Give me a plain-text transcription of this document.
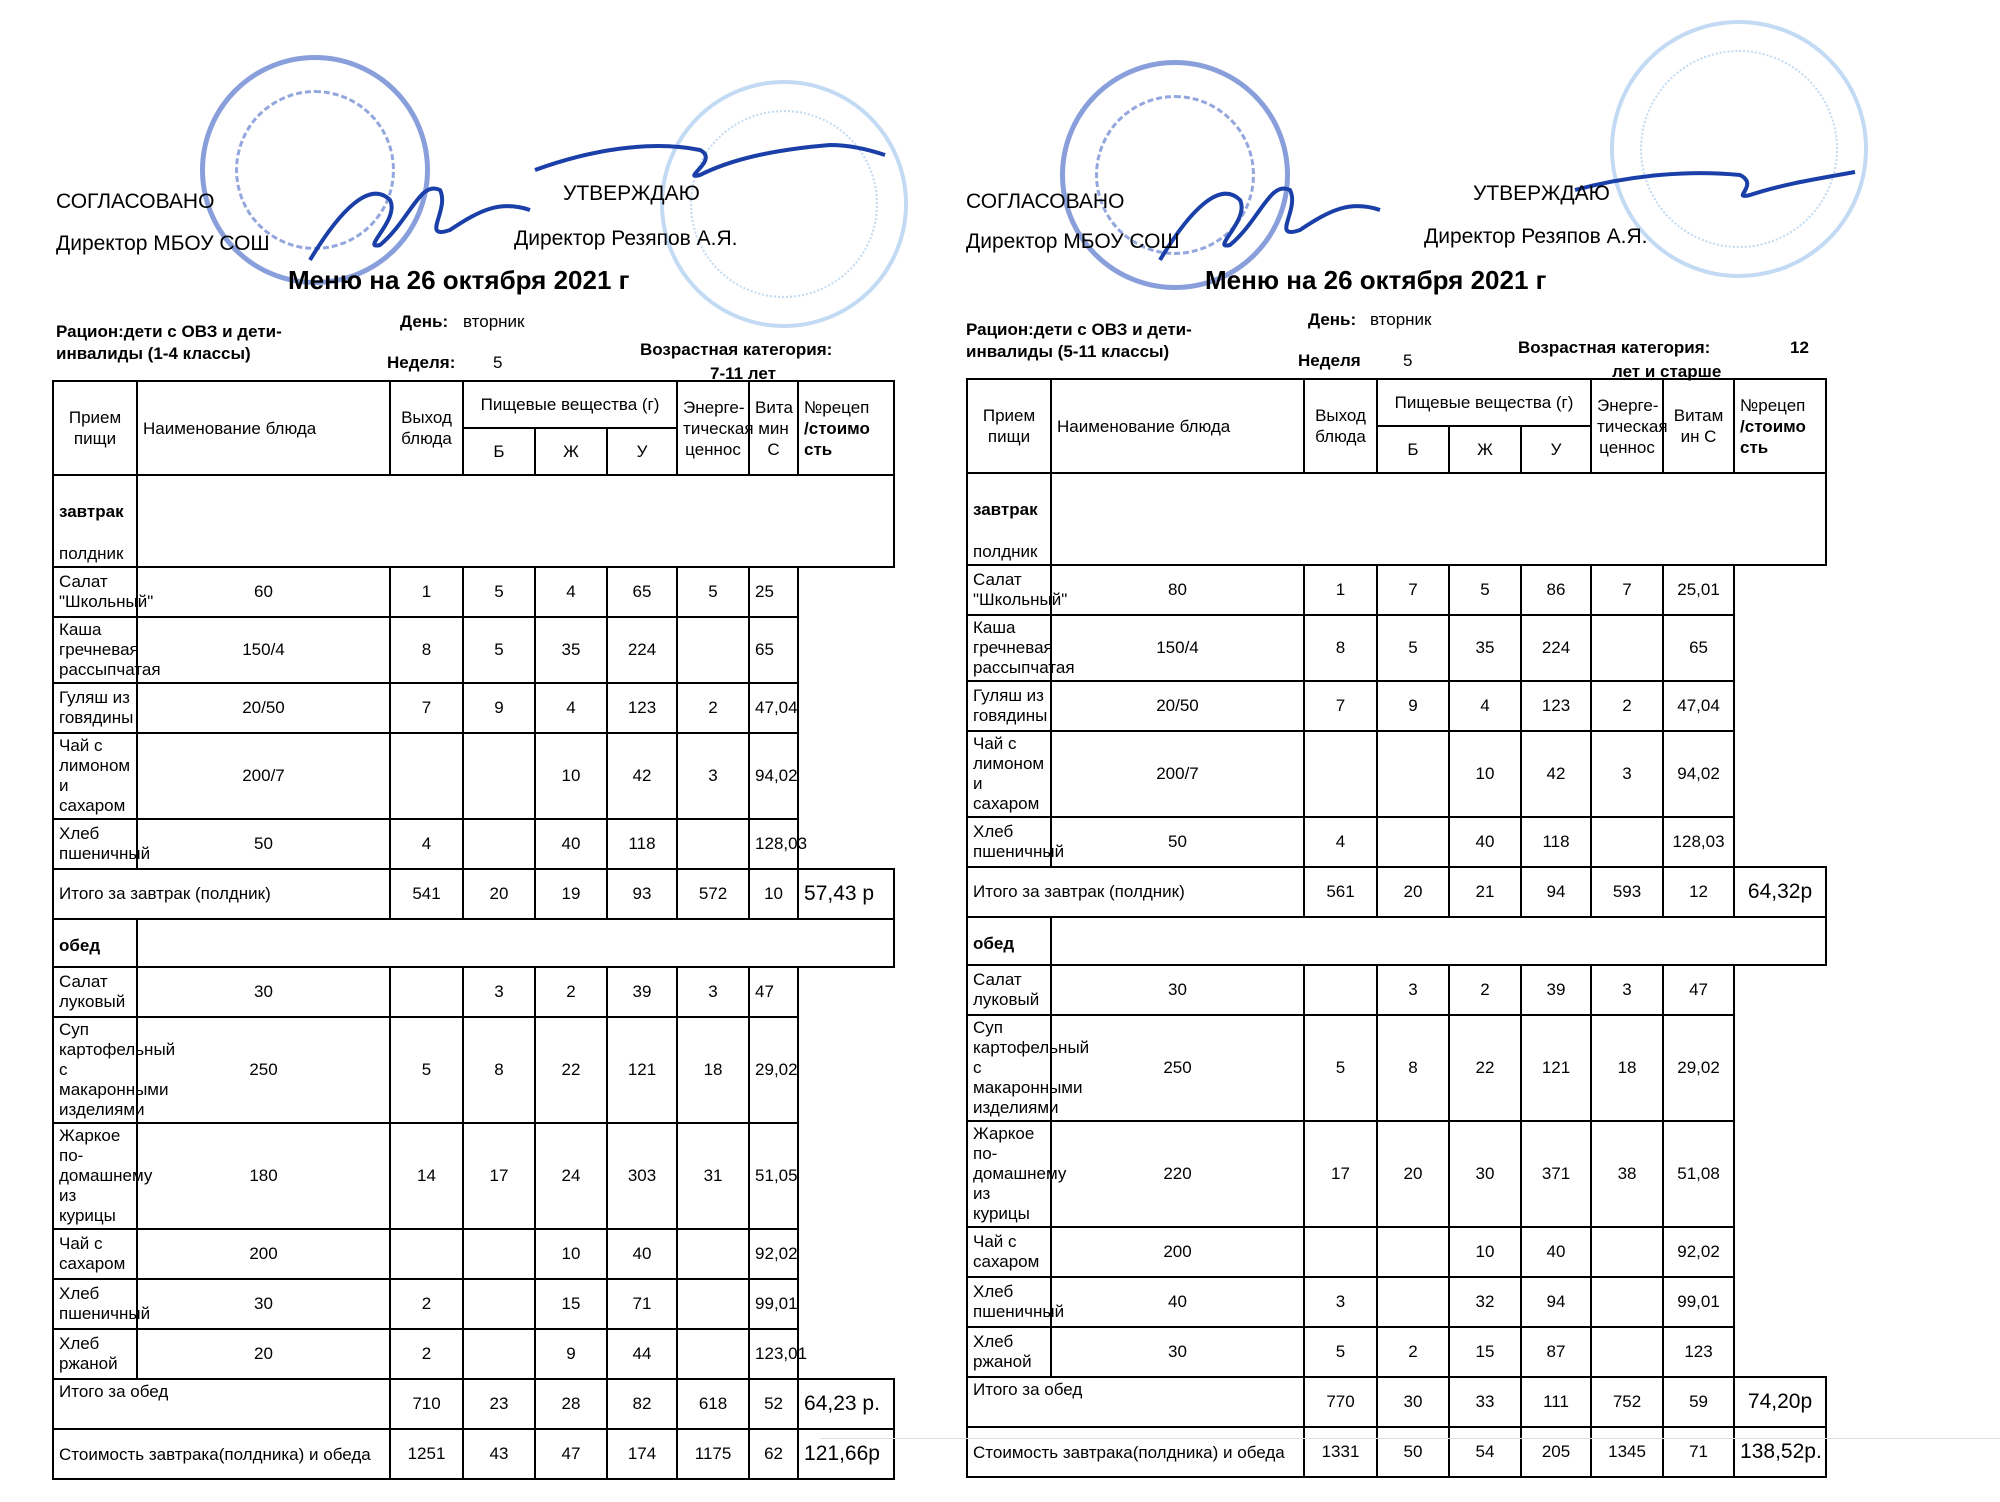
СОГЛАСОВАНО
Директор МБОУ СОШ
УТВЕРЖДАЮ
Директор Резяпов А.Я.
Меню на 26 октября 2021 г
Рацион:дети с ОВЗ и дети-
инвалиды (1-4 классы)
День: вторник
Неделя: 5
Возрастная категория:
7-11 лет
Прием пищи	Наименование блюда	Выход блюда	Пищевые вещества (г)			Энерге-тическая ценнос	Вита мин С	№рецеп
/стоимо сть
			Б	Ж	У			

завтрак
полдник								

Салат "Школьный"	60	1	5	4	65	5	25	
Каша гречневая рассыпчатая	150/4	8	5	35	224		65	
Гуляш из говядины	20/50	7	9	4	123	2	47,04	
Чай с лимоном и сахаром	200/7			10	42	3	94,02	
Хлеб пшеничный	50	4		40	118		128,03	
Итого за завтрак (полдник)		541	20	19	93	572	10	57,43 р

обед								

Салат луковый	30		3	2	39	3	47	
Суп картофельный с макаронными изделиями	250	5	8	22	121	18	29,02	
Жаркое по-домашнему из курицы	180	14	17	24	303	31	51,05	
Чай с сахаром	200			10	40		92,02	
Хлеб пшеничный	30	2		15	71		99,01	
Хлеб ржаной	20	2		9	44		123,01	
Итого за обед		710	23	28	82	618	52	64,23 р.
Стоимость завтрака(полдника) и обеда		1251	43	47	174	1175	62	121,66р
СОГЛАСОВАНО
Директор МБОУ СОШ
УТВЕРЖДАЮ
Директор Резяпов А.Я.
Меню на 26 октября 2021 г
Рацион:дети с ОВЗ и дети-
инвалиды (5-11 классы)
День: вторник
Неделя 5
Возрастная категория:	12
лет и старше
Прием пищи	Наименование блюда	Выход блюда	Пищевые вещества (г)			Энерге-тическая ценнос	Витам ин С	№рецеп
/стоимо сть
			Б	Ж	У			

завтрак
полдник								

Салат "Школьный"	80	1	7	5	86	7	25,01	
Каша гречневая рассыпчатая	150/4	8	5	35	224		65	
Гуляш из говядины	20/50	7	9	4	123	2	47,04	
Чай с лимоном и сахаром	200/7			10	42	3	94,02	
Хлеб пшеничный	50	4		40	118		128,03	
Итого за завтрак (полдник)		561	20	21	94	593	12	64,32р

обед								

Салат луковый	30		3	2	39	3	47	
Суп картофельный с макаронными изделиями	250	5	8	22	121	18	29,02	
Жаркое по-домашнему из курицы	220	17	20	30	371	38	51,08	
Чай с сахаром	200			10	40		92,02	
Хлеб пшеничный	40	3		32	94		99,01	
Хлеб ржаной	30	5	2	15	87		123	
Итого за обед		770	30	33	111	752	59	74,20р
Стоимость завтрака(полдника) и обеда		1331	50	54	205	1345	71	138,52р.
